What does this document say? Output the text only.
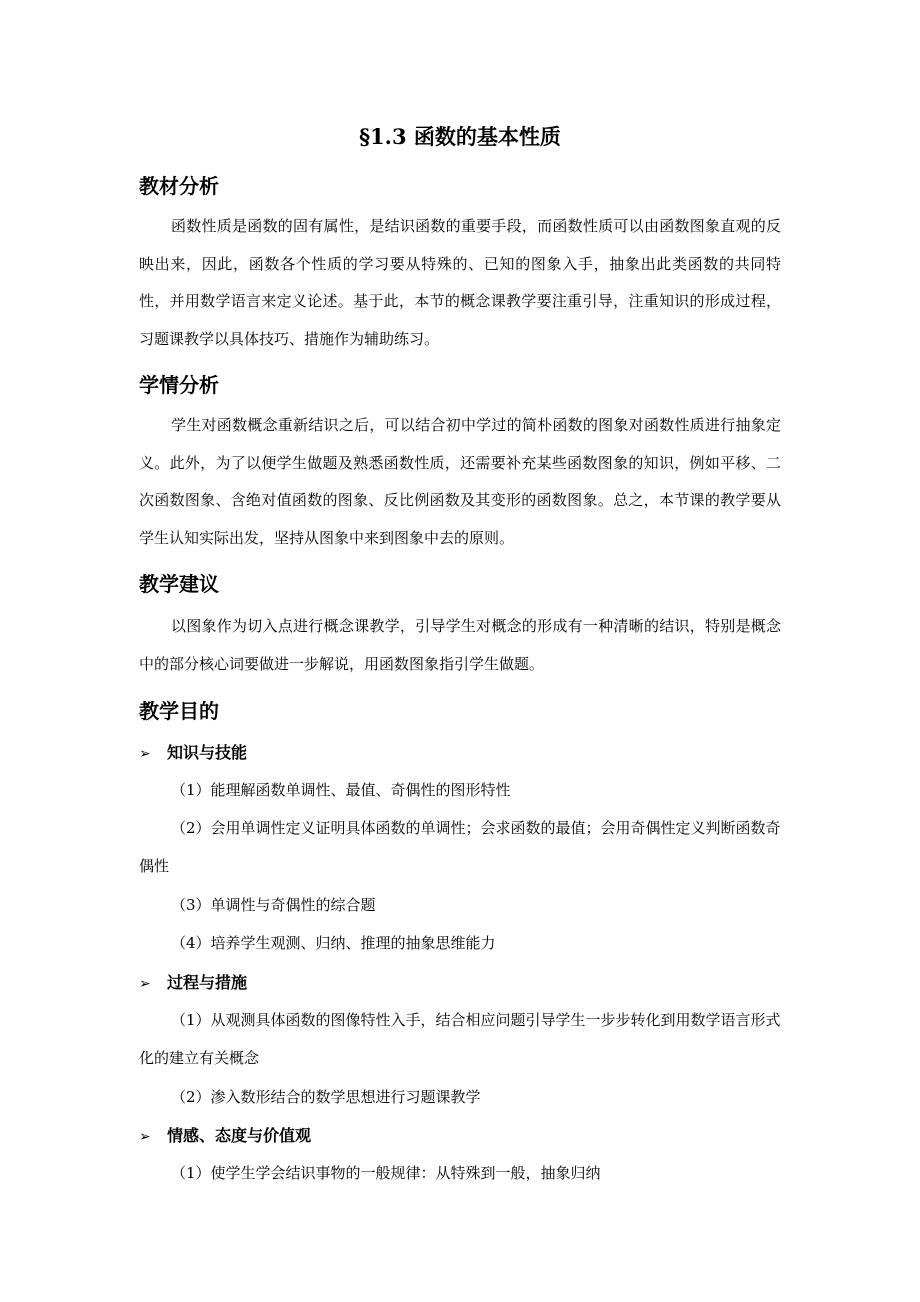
§1.3 函数的基本性质
教材分析

函数性质是函数的固有属性，是结识函数的重要手段，而函数性质可以由函数图象直观的反映出来，因此，函数各个性质的学习要从特殊的、已知的图象入手，抽象出此类函数的共同特性，并用数学语言来定义论述。基于此，本节的概念课教学要注重引导，注重知识的形成过程，习题课教学以具体技巧、措施作为辅助练习。

学情分析

学生对函数概念重新结识之后，可以结合初中学过的简朴函数的图象对函数性质进行抽象定义。此外，为了以便学生做题及熟悉函数性质，还需要补充某些函数图象的知识，例如平移、二次函数图象、含绝对值函数的图象、反比例函数及其变形的函数图象。总之，本节课的教学要从学生认知实际出发，坚持从图象中来到图象中去的原则。

教学建议

以图象作为切入点进行概念课教学，引导学生对概念的形成有一种清晰的结识，特别是概念中的部分核心词要做进一步解说，用函数图象指引学生做题。

教学目的
➢ 知识与技能

（1）能理解函数单调性、最值、奇偶性的图形特性

（2）会用单调性定义证明具体函数的单调性；会求函数的最值；会用奇偶性定义判断函数奇偶性

（3）单调性与奇偶性的综合题

（4）培养学生观测、归纳、推理的抽象思维能力

➢ 过程与措施

（1）从观测具体函数的图像特性入手，结合相应问题引导学生一步步转化到用数学语言形式化的建立有关概念

（2）渗入数形结合的数学思想进行习题课教学

➢ 情感、态度与价值观

（1）使学生学会结识事物的一般规律：从特殊到一般，抽象归纳
